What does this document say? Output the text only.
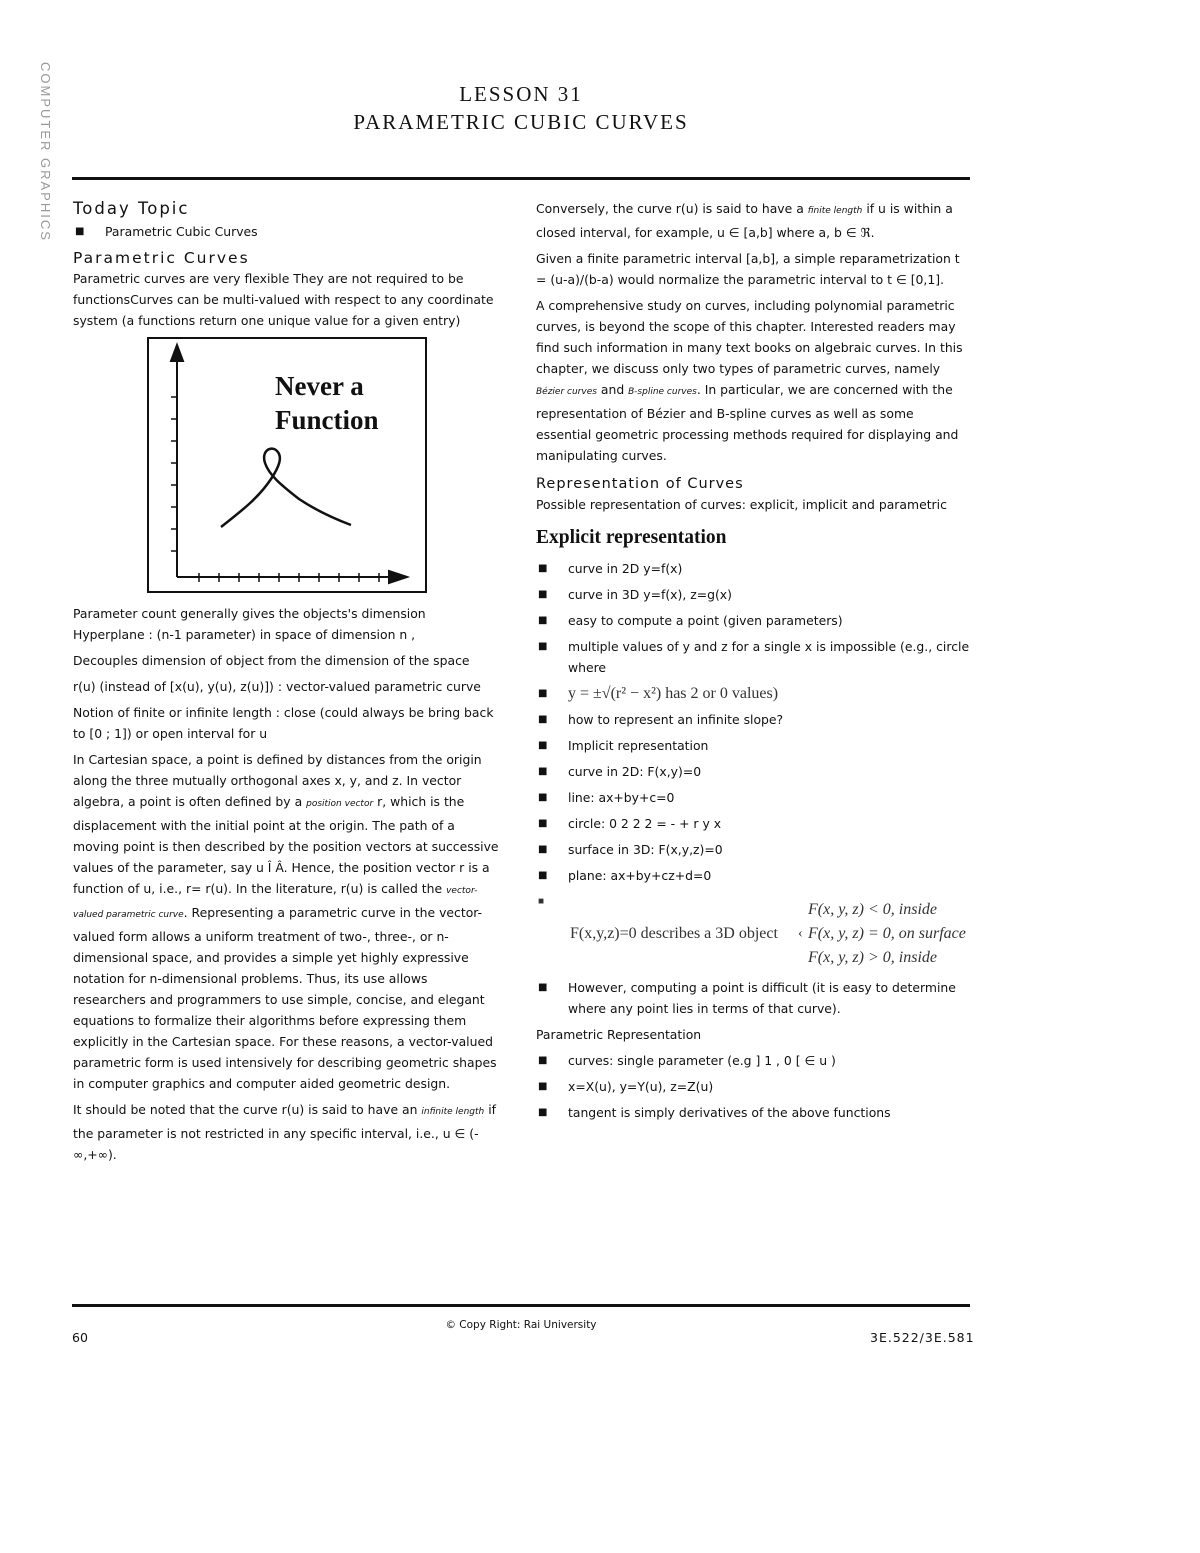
COMPUTER GRAPHICS	LESSON 31
PARAMETRIC CUBIC CURVES
Today Topic
■ Parametric Cubic Curves
Parametric Curves

Parametric curves are very flexible They are not required to be functionsCurves can be multi-valued with respect to any coordinate system (a functions return one unique value for a given entry)

Never a
Function

Parameter count generally gives the objects's dimension

Hyperplane : (n-1 parameter) in space of dimension n ,

Decouples dimension of object from the dimension of the space

r(u) (instead of [x(u), y(u), z(u)]) : vector-valued parametric curve

Notion of finite or infinite length : close (could always be bring back to [0 ; 1]) or open interval for u

In Cartesian space, a point is defined by distances from the origin along the three mutually orthogonal axes x, y, and z. In vector algebra, a point is often defined by a position vector r, which is the displacement with the initial point at the origin. The path of a moving point is then described by the position vectors at successive values of the parameter, say u Î Â. Hence, the position vector r is a function of u, i.e., r= r(u). In the literature, r(u) is called the vector-valued parametric curve. Representing a parametric curve in the vector-valued form allows a uniform treatment of two-, three-, or n-dimensional space, and provides a simple yet highly expressive notation for n-dimensional problems. Thus, its use allows researchers and programmers to use simple, concise, and elegant equations to formalize their algorithms before expressing them explicitly in the Cartesian space. For these reasons, a vector-valued parametric form is used intensively for describing geometric shapes in computer graphics and computer aided geometric design.

It should be noted that the curve r(u) is said to have an infinite length if the parameter is not restricted in any specific interval, i.e., u ∈ (-∞,+∞).

Conversely, the curve r(u) is said to have a finite length if u is within a closed interval, for example, u ∈ [a,b] where a, b ∈ ℜ.

Given a finite parametric interval [a,b], a simple reparametrization t = (u-a)/(b-a) would normalize the parametric interval to t ∈ [0,1].

A comprehensive study on curves, including polynomial parametric curves, is beyond the scope of this chapter. Interested readers may find such information in many text books on algebraic curves. In this chapter, we discuss only two types of parametric curves, namely Bézier curves and B-spline curves. In particular, we are concerned with the representation of Bézier and B-spline curves as well as some essential geometric processing methods required for displaying and manipulating curves.

Representation of Curves

Possible representation of curves: explicit, implicit and parametric

Explicit representation
■ curve in 2D y=f(x)
■ curve in 3D y=f(x), z=g(x)
■ easy to compute a point (given parameters)
■ multiple values of y and z for a single x is impossible (e.g., circle where
■ y = ±√(r² − x²) has 2 or 0 values)
■ how to represent an infinite slope?
■ Implicit representation
■ curve in 2D: F(x,y)=0
■ line: ax+by+c=0
■ circle: 0 2 2 2 = - + r y x
■ surface in 3D: F(x,y,z)=0
■ plane: ax+by+cz+d=0
■	F(x, y, z) < 0, inside
F(x,y,z)=0 describes a 3D object ‹ F(x, y, z) = 0, on surface
F(x, y, z) > 0, inside
■ However, computing a point is difficult (it is easy to determine where any point lies in terms of that curve).

Parametric Representation

■ curves: single parameter (e.g ] 1 , 0 [ ∈ u )
■ x=X(u), y=Y(u), z=Z(u)
■ tangent is simply derivatives of the above functions
60
© Copy Right: Rai University
3E.522/3E.581
